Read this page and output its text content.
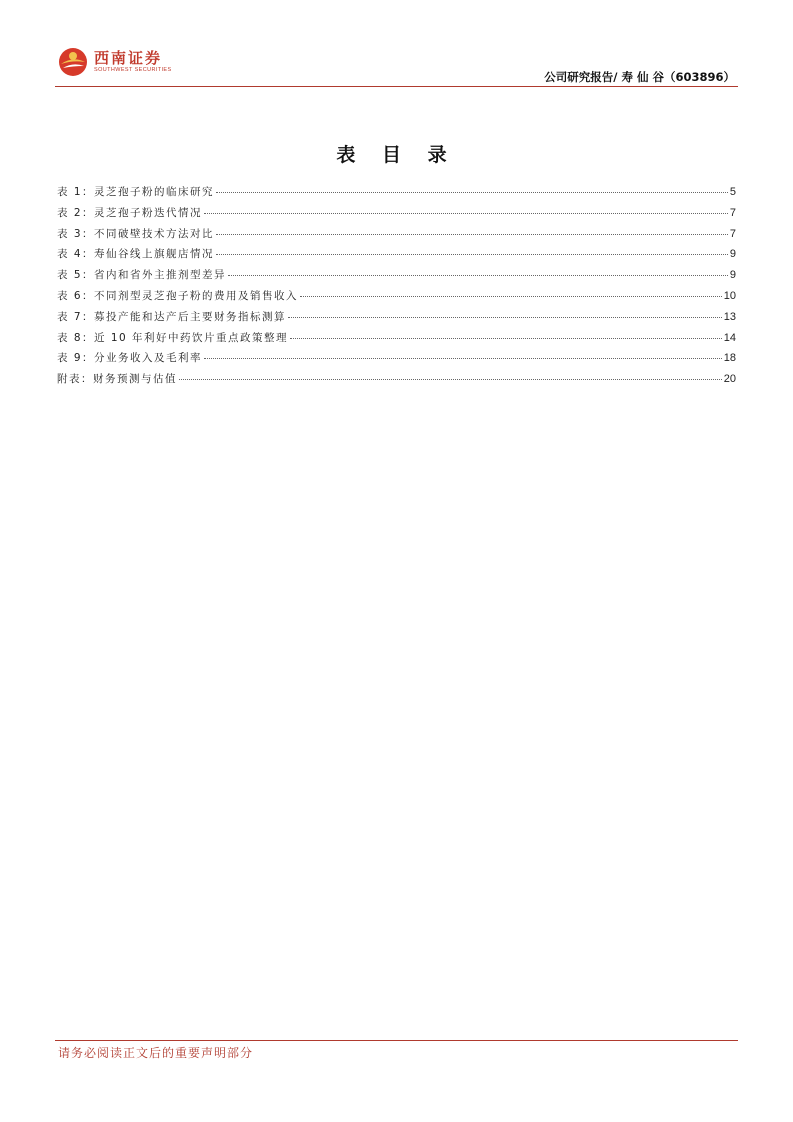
西南证券
SOUTHWEST SECURITIES	公司研究报告/ 寿 仙 谷（603896）
表 目 录
表 1：灵芝孢子粉的临床研究	5
表 2：灵芝孢子粉迭代情况	7
表 3：不同破壁技术方法对比	7
表 4：寿仙谷线上旗舰店情况	9
表 5：省内和省外主推剂型差异	9
表 6：不同剂型灵芝孢子粉的费用及销售收入	10
表 7：募投产能和达产后主要财务指标测算	13
表 8：近 10 年利好中药饮片重点政策整理	14
表 9：分业务收入及毛利率	18
附表：财务预测与估值	20
请务必阅读正文后的重要声明部分
